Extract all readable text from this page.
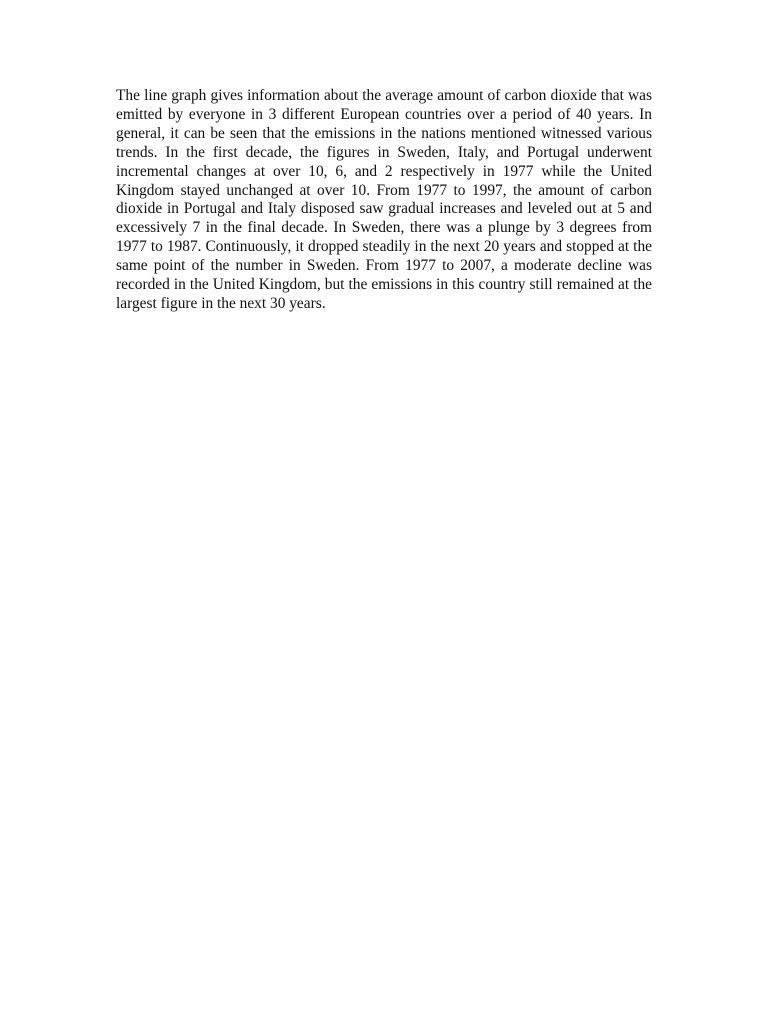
The line graph gives information about the average amount of carbon dioxide that was emitted by everyone in 3 different European countries over a period of 40 years. In general, it can be seen that the emissions in the nations mentioned witnessed various trends. In the first decade, the figures in Sweden, Italy, and Portugal underwent incremental changes at over 10, 6, and 2 respectively in 1977 while the United Kingdom stayed unchanged at over 10. From 1977 to 1997, the amount of carbon dioxide in Portugal and Italy disposed saw gradual increases and leveled out at 5 and excessively 7 in the final decade. In Sweden, there was a plunge by 3 degrees from 1977 to 1987. Continuously, it dropped steadily in the next 20 years and stopped at the same point of the number in Sweden. From 1977 to 2007, a moderate decline was recorded in the United Kingdom, but the emissions in this country still remained at the largest figure in the next 30 years.
